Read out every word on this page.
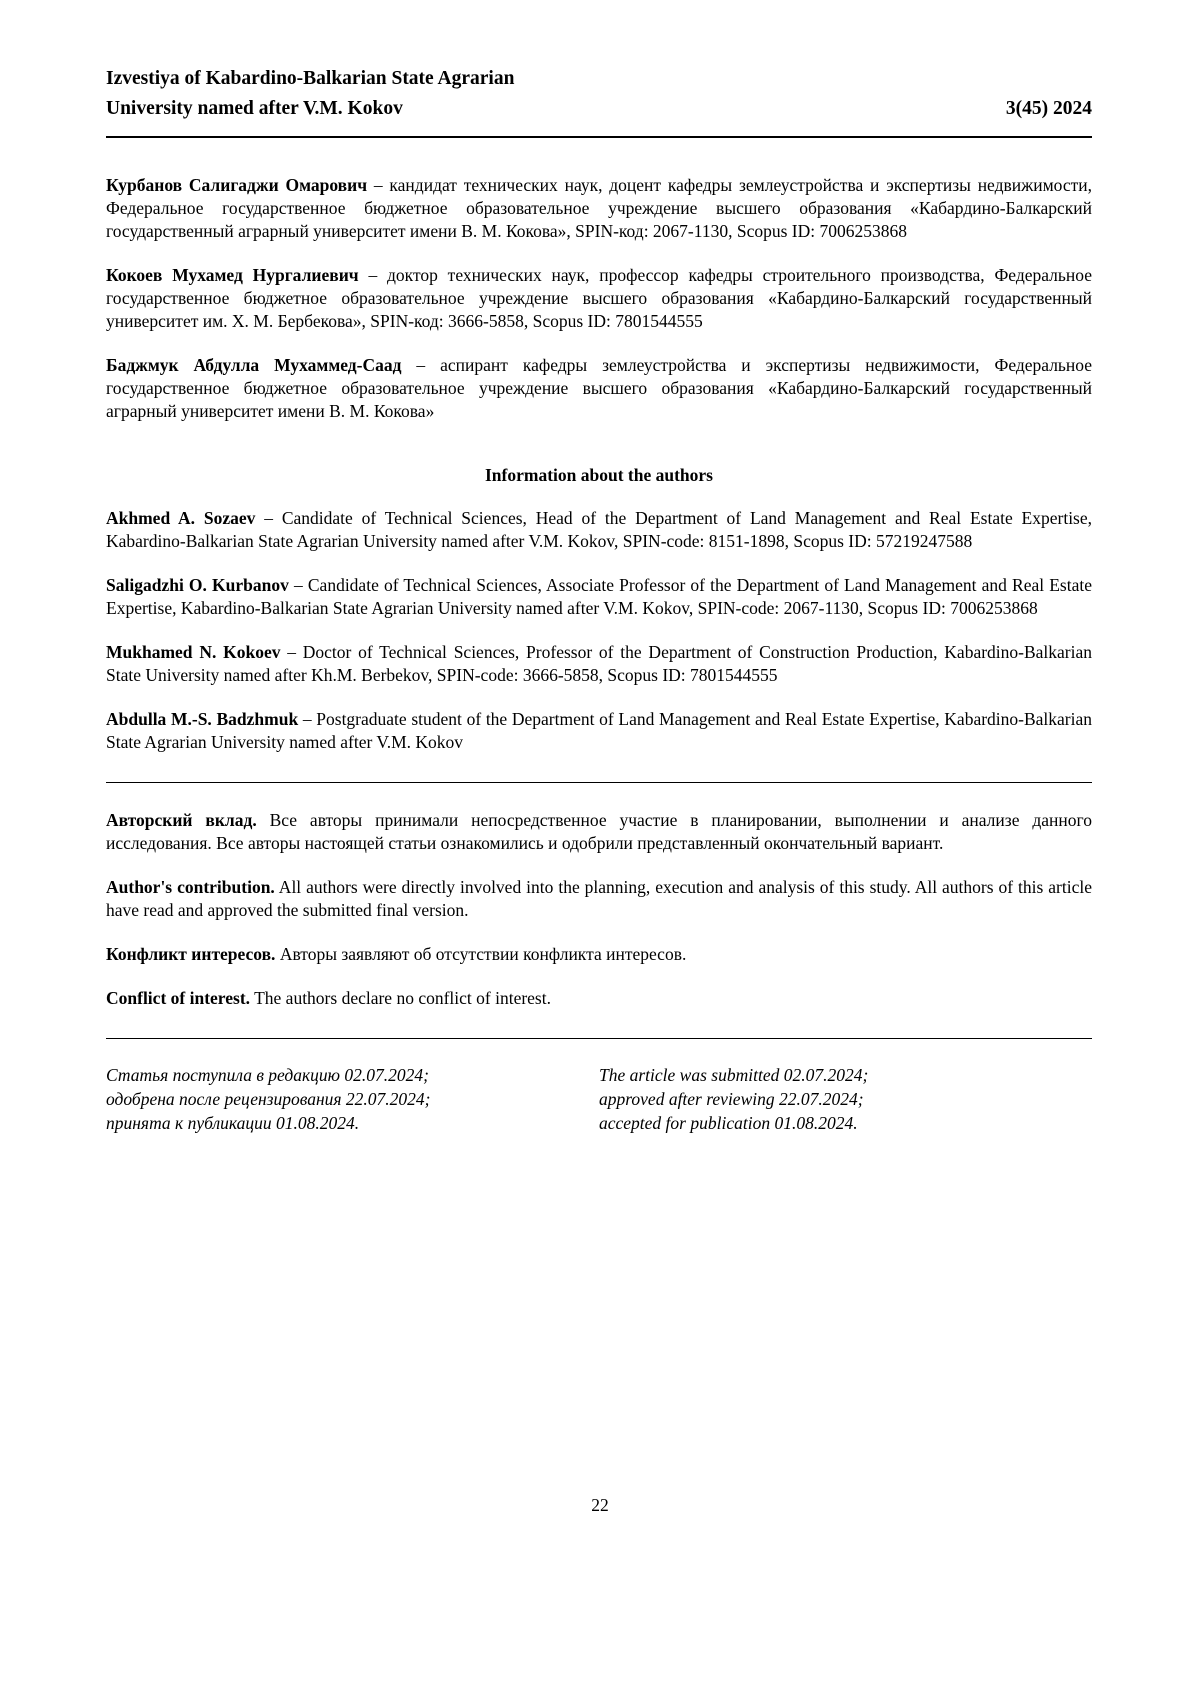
Izvestiya of Kabardino-Balkarian State Agrarian
University named after V.M. Kokov	3(45) 2024

Курбанов Салигаджи Омарович – кандидат технических наук, доцент кафедры землеустройства и экспертизы недвижимости, Федеральное государственное бюджетное образовательное учреждение высшего образования «Кабардино-Балкарский государственный аграрный университет имени В. М. Кокова», SPIN-код: 2067-1130, Scopus ID: 7006253868

Кокоев Мухамед Нургалиевич – доктор технических наук, профессор кафедры строительного производства, Федеральное государственное бюджетное образовательное учреждение высшего образования «Кабардино-Балкарский государственный университет им. Х. М. Бербекова», SPIN-код: 3666-5858, Scopus ID: 7801544555

Баджмук Абдулла Мухаммед-Саад – аспирант кафедры землеустройства и экспертизы недвижимости, Федеральное государственное бюджетное образовательное учреждение высшего образования «Кабардино-Балкарский государственный аграрный университет имени В. М. Кокова»

Information about the authors

Akhmed A. Sozaev – Candidate of Technical Sciences, Head of the Department of Land Management and Real Estate Expertise, Kabardino-Balkarian State Agrarian University named after V.M. Kokov, SPIN-code: 8151-1898, Scopus ID: 57219247588

Saligadzhi O. Kurbanov – Candidate of Technical Sciences, Associate Professor of the Department of Land Management and Real Estate Expertise, Kabardino-Balkarian State Agrarian University named after V.M. Kokov, SPIN-code: 2067-1130, Scopus ID: 7006253868

Mukhamed N. Kokoev – Doctor of Technical Sciences, Professor of the Department of Construction Production, Kabardino-Balkarian State University named after Kh.M. Berbekov, SPIN-code: 3666-5858, Scopus ID: 7801544555

Abdulla M.-S. Badzhmuk – Postgraduate student of the Department of Land Management and Real Estate Expertise, Kabardino-Balkarian State Agrarian University named after V.M. Kokov

Авторский вклад. Все авторы принимали непосредственное участие в планировании, выполнении и анализе данного исследования. Все авторы настоящей статьи ознакомились и одобрили представленный окончательный вариант.

Author's contribution. All authors were directly involved into the planning, execution and analysis of this study. All authors of this article have read and approved the submitted final version.

Конфликт интересов. Авторы заявляют об отсутствии конфликта интересов.

Conflict of interest. The authors declare no conflict of interest.

Статья поступила в редакцию 02.07.2024;
одобрена после рецензирования 22.07.2024;
принята к публикации 01.08.2024.
The article was submitted 02.07.2024;
approved after reviewing 22.07.2024;
accepted for publication 01.08.2024.
22
